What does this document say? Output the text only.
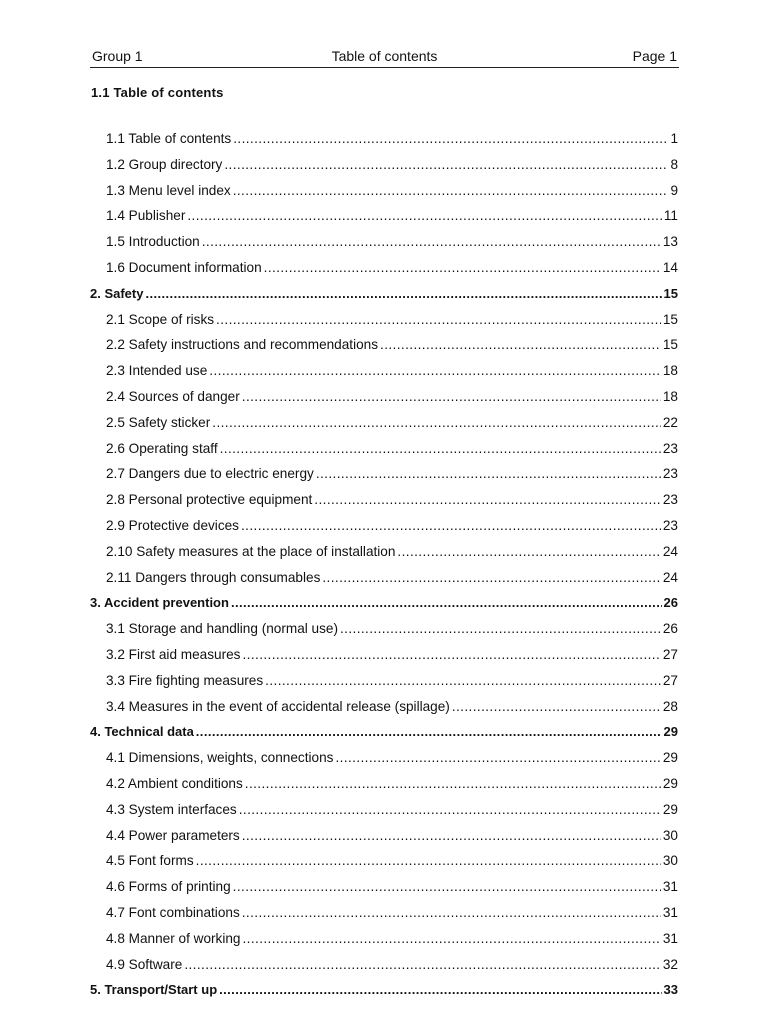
Group 1	Table of contents	Page 1
1.1 Table of contents
1.1 Table of contents .....	1
1.2 Group directory .....	8
1.3 Menu level index .....	9
1.4 Publisher .....	11
1.5 Introduction .....	13
1.6 Document information .....	14
2. Safety .....	15
2.1 Scope of risks .....	15
2.2 Safety instructions and recommendations .....	15
2.3 Intended use .....	18
2.4 Sources of danger .....	18
2.5 Safety sticker .....	22
2.6 Operating staff .....	23
2.7 Dangers due to electric energy .....	23
2.8 Personal protective equipment .....	23
2.9 Protective devices .....	23
2.10 Safety measures at the place of installation .....	24
2.11 Dangers through consumables .....	24
3. Accident prevention .....	26
3.1 Storage and handling (normal use) .....	26
3.2 First aid measures .....	27
3.3 Fire fighting measures .....	27
3.4 Measures in the event of accidental release (spillage) .....	28
4. Technical data .....	29
4.1 Dimensions, weights, connections .....	29
4.2 Ambient conditions .....	29
4.3 System interfaces .....	29
4.4 Power parameters .....	30
4.5 Font forms .....	30
4.6 Forms of printing .....	31
4.7 Font combinations .....	31
4.8 Manner of working .....	31
4.9 Software .....	32
5. Transport/Start up .....	33
